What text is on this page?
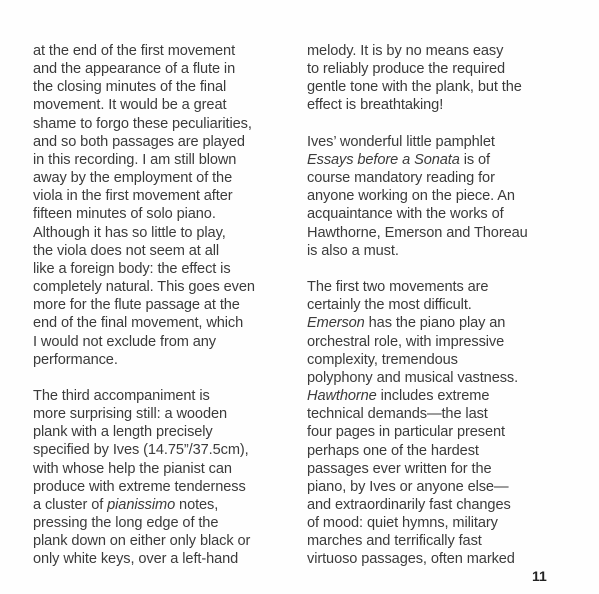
at the end of the first movement
and the appearance of a flute in
the closing minutes of the final
movement. It would be a great
shame to forgo these peculiarities,
and so both passages are played
in this recording. I am still blown
away by the employment of the
viola in the first movement after
fifteen minutes of solo piano.
Although it has so little to play,
the viola does not seem at all
like a foreign body: the effect is
completely natural. This goes even
more for the flute passage at the
end of the final movement, which
I would not exclude from any
performance.

The third accompaniment is
more surprising still: a wooden
plank with a length precisely
specified by Ives (14.75”/37.5cm),
with whose help the pianist can
produce with extreme tenderness
a cluster of pianissimo notes,
pressing the long edge of the
plank down on either only black or
only white keys, over a left-hand

melody. It is by no means easy
to reliably produce the required
gentle tone with the plank, but the
effect is breathtaking!

Ives’ wonderful little pamphlet
Essays before a Sonata is of
course mandatory reading for
anyone working on the piece. An
acquaintance with the works of
Hawthorne, Emerson and Thoreau
is also a must.

The first two movements are
certainly the most difficult.
Emerson has the piano play an
orchestral role, with impressive
complexity, tremendous
polyphony and musical vastness.
Hawthorne includes extreme
technical demands—the last
four pages in particular present
perhaps one of the hardest
passages ever written for the
piano, by Ives or anyone else—
and extraordinarily fast changes
of mood: quiet hymns, military
marches and terrifically fast
virtuoso passages, often marked

11
